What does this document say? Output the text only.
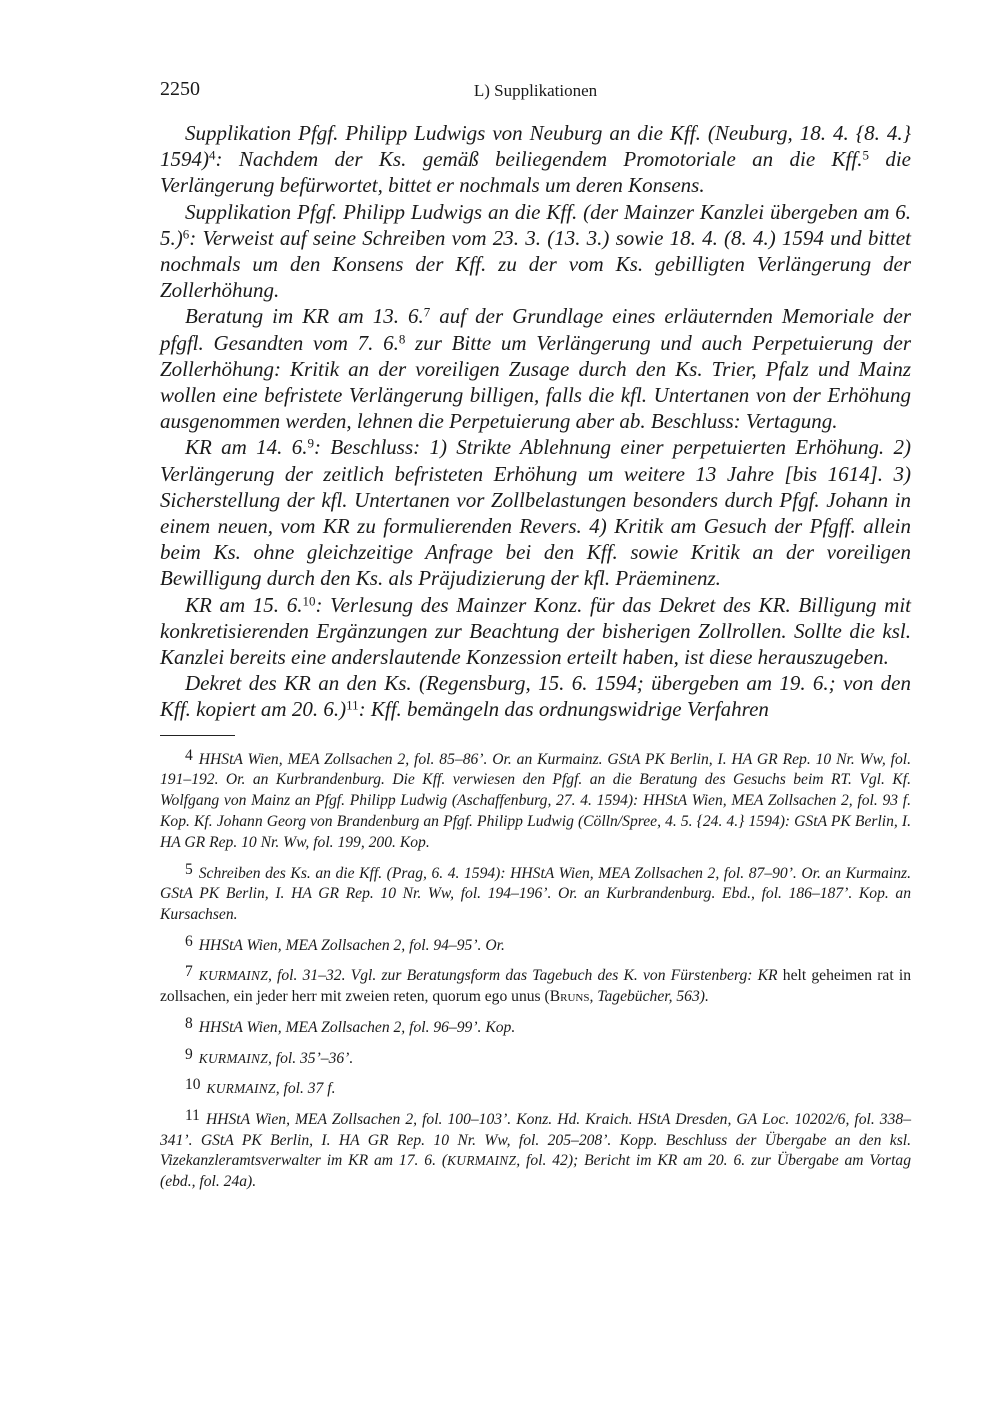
2250	L) Supplikationen

Supplikation Pfgf. Philipp Ludwigs von Neuburg an die Kff. (Neuburg, 18. 4. {8. 4.} 1594)$^4$: Nachdem der Ks. gemäß beiliegendem Promotoriale an die Kff.$^5$ die Verlängerung befürwortet, bittet er nochmals um deren Konsens.

Supplikation Pfgf. Philipp Ludwigs an die Kff. (der Mainzer Kanzlei übergeben am 6. 5.)$^6$: Verweist auf seine Schreiben vom 23. 3. (13. 3.) sowie 18. 4. (8. 4.) 1594 und bittet nochmals um den Konsens der Kff. zu der vom Ks. gebilligten Verlängerung der Zollerhöhung.

Beratung im KR am 13. 6.$^7$ auf der Grundlage eines erläuternden Memoriale der pfgfl. Gesandten vom 7. 6.$^8$ zur Bitte um Verlängerung und auch Perpetuierung der Zollerhöhung: Kritik an der voreiligen Zusage durch den Ks. Trier, Pfalz und Mainz wollen eine befristete Verlängerung billigen, falls die kfl. Untertanen von der Erhöhung ausgenommen werden, lehnen die Perpetuierung aber ab. Beschluss: Vertagung.

KR am 14. 6.$^9$: Beschluss: 1) Strikte Ablehnung einer perpetuierten Erhöhung. 2) Verlängerung der zeitlich befristeten Erhöhung um weitere 13 Jahre [bis 1614]. 3) Sicherstellung der kfl. Untertanen vor Zollbelastungen besonders durch Pfgf. Johann in einem neuen, vom KR zu formulierenden Revers. 4) Kritik am Gesuch der Pfgff. allein beim Ks. ohne gleichzeitige Anfrage bei den Kff. sowie Kritik an der voreiligen Bewilligung durch den Ks. als Präjudizierung der kfl. Präeminenz.

KR am 15. 6.10: Verlesung des Mainzer Konz. für das Dekret des KR. Billigung mit konkretisierenden Ergänzungen zur Beachtung der bisherigen Zollrollen. Sollte die ksl. Kanzlei bereits eine anderslautende Konzession erteilt haben, ist diese herauszugeben.

Dekret des KR an den Ks. (Regensburg, 15. 6. 1594; übergeben am 19. 6.; von den Kff. kopiert am 20. 6.)$^{11}$: Kff. bemängeln das ordnungswidrige Verfahren

4 HHStA Wien, MEA Zollsachen 2, fol. 85–86’. Or. an Kurmainz. GStA PK Berlin, I. HA GR Rep. 10 Nr. Ww, fol. 191–192. Or. an Kurbrandenburg. Die Kff. verwiesen den Pfgf. an die Beratung des Gesuchs beim RT. Vgl. Kf. Wolfgang von Mainz an Pfgf. Philipp Ludwig (Aschaffenburg, 27. 4. 1594): HHStA Wien, MEA Zollsachen 2, fol. 93 f. Kop. Kf. Johann Georg von Brandenburg an Pfgf. Philipp Ludwig (Cölln/Spree, 4. 5. {24. 4.} 1594): GStA PK Berlin, I. HA GR Rep. 10 Nr. Ww, fol. 199, 200. Kop.

5 Schreiben des Ks. an die Kff. (Prag, 6. 4. 1594): HHStA Wien, MEA Zollsachen 2, fol. 87–90’. Or. an Kurmainz. GStA PK Berlin, I. HA GR Rep. 10 Nr. Ww, fol. 194–196’. Or. an Kurbrandenburg. Ebd., fol. 186–187’. Kop. an Kursachsen.

6 HHStA Wien, MEA Zollsachen 2, fol. 94–95’. Or.

7 KURMAINZ, fol. 31–32. Vgl. zur Beratungsform das Tagebuch des K. von Fürstenberg: KR helt geheimen rat in zollsachen, ein jeder herr mit zweien reten, quorum ego unus (Bruns, Tagebücher, 563).

8 HHStA Wien, MEA Zollsachen 2, fol. 96–99’. Kop.

9 KURMAINZ, fol. 35’–36’.

10 KURMAINZ, fol. 37 f.

11 HHStA Wien, MEA Zollsachen 2, fol. 100–103’. Konz. Hd. Kraich. HStA Dresden, GA Loc. 10202/6, fol. 338–341’. GStA PK Berlin, I. HA GR Rep. 10 Nr. Ww, fol. 205–208’. Kopp. Beschluss der Übergabe an den ksl. Vizekanzleramtsverwalter im KR am 17. 6. (KURMAINZ, fol. 42); Bericht im KR am 20. 6. zur Übergabe am Vortag (ebd., fol. 24a).
